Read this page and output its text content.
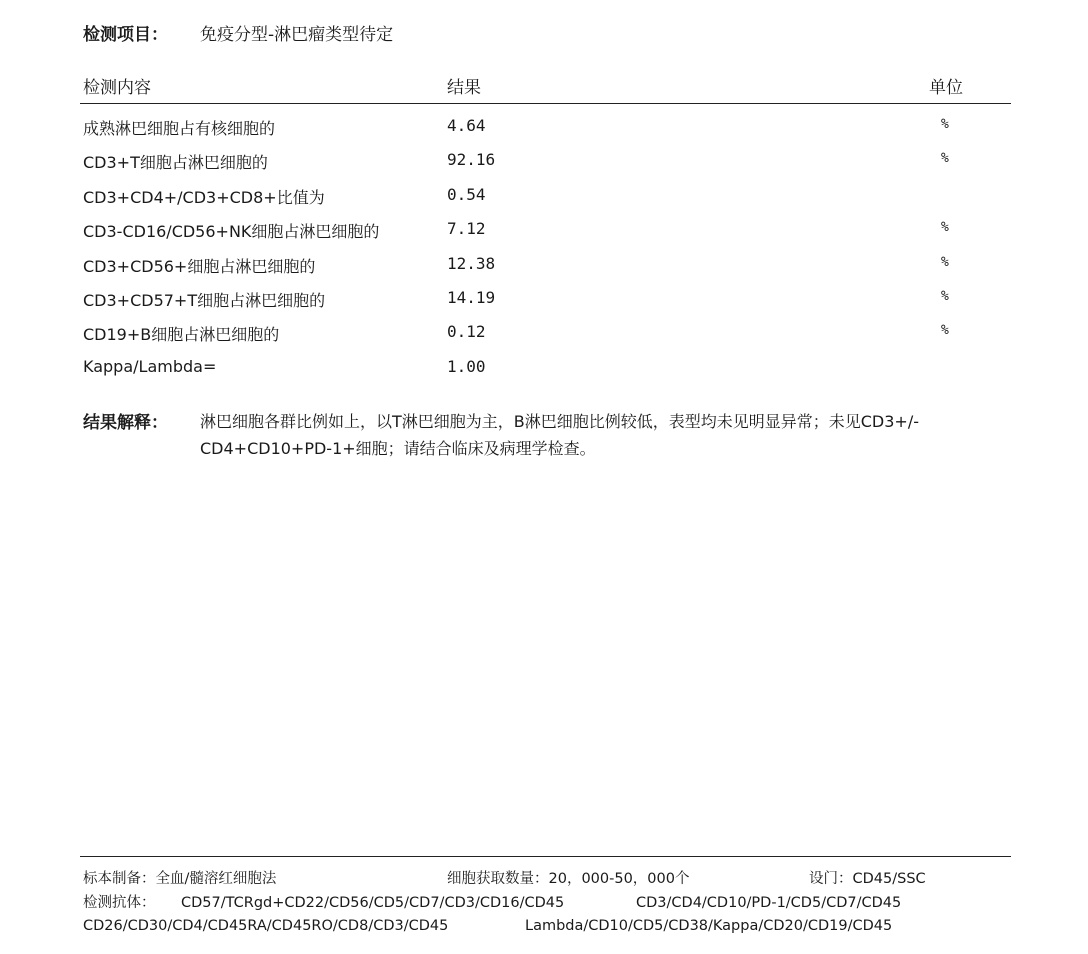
检测项目： 免疫分型-淋巴瘤类型待定
检测内容	结果	单位
成熟淋巴细胞占有核细胞的	4.64	%
CD3+T细胞占淋巴细胞的	92.16	%
CD3+CD4+/CD3+CD8+比值为	0.54
CD3-CD16/CD56+NK细胞占淋巴细胞的	7.12	%
CD3+CD56+细胞占淋巴细胞的	12.38	%
CD3+CD57+T细胞占淋巴细胞的	14.19	%
CD19+B细胞占淋巴细胞的	0.12	%
Kappa/Lambda=	1.00
结果解释： 淋巴细胞各群比例如上，以T淋巴细胞为主，B淋巴细胞比例较低，表型均未见明显异常；未见CD3+/-CD4+CD10+PD-1+细胞；请结合临床及病理学检查。
标本制备：全血/髓溶红细胞法	细胞获取数量：20，000-50，000个	设门：CD45/SSC
检测抗体： CD57/TCRgd+CD22/CD56/CD5/CD7/CD3/CD16/CD45	CD3/CD4/CD10/PD-1/CD5/CD7/CD45
CD26/CD30/CD4/CD45RA/CD45RO/CD8/CD3/CD45	Lambda/CD10/CD5/CD38/Kappa/CD20/CD19/CD45
